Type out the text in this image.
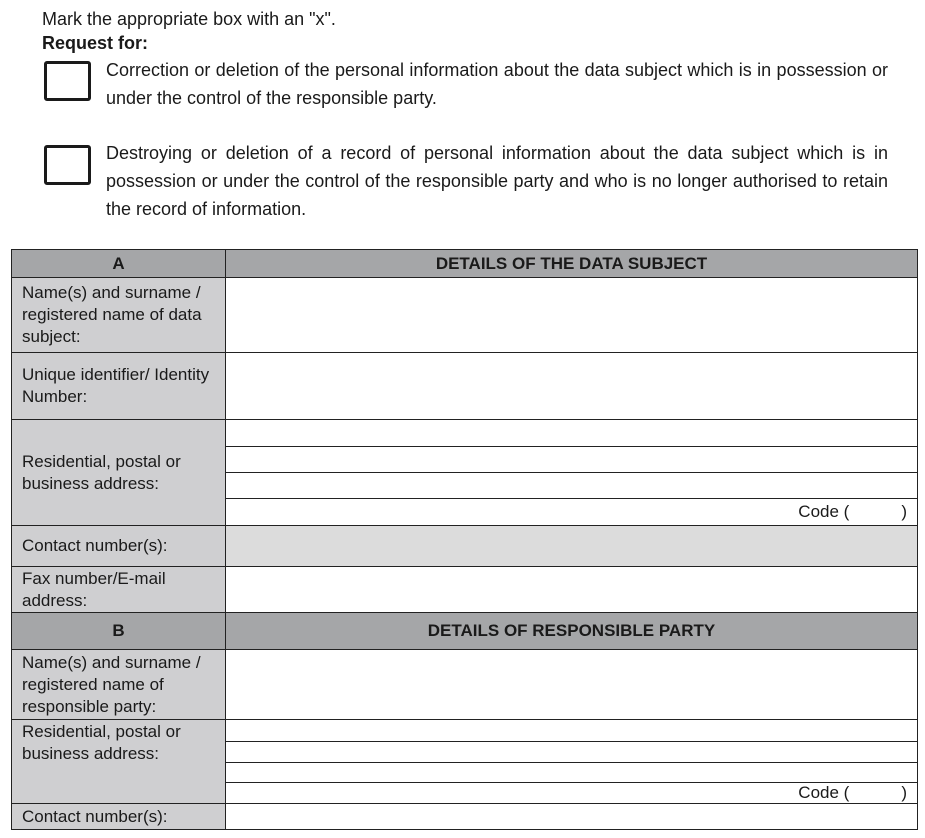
Mark the appropriate box with an "x".
Request for:
Correction or deletion of the personal information about the data subject which is in possession or under the control of the responsible party.
Destroying or deletion of a record of personal information about the data subject which is in possession or under the control of the responsible party and who is no longer authorised to retain the record of information.
A	DETAILS OF THE DATA SUBJECT
Name(s) and surname / registered name of data subject:	
Unique identifier/ Identity Number:	
Residential, postal or business address:	

	Code ( )
Contact number(s):	
Fax number/E-mail address:	
B	DETAILS OF RESPONSIBLE PARTY
Name(s) and surname / registered name of responsible party:	
Residential, postal or business address:	

	Code ( )
Contact number(s):	
